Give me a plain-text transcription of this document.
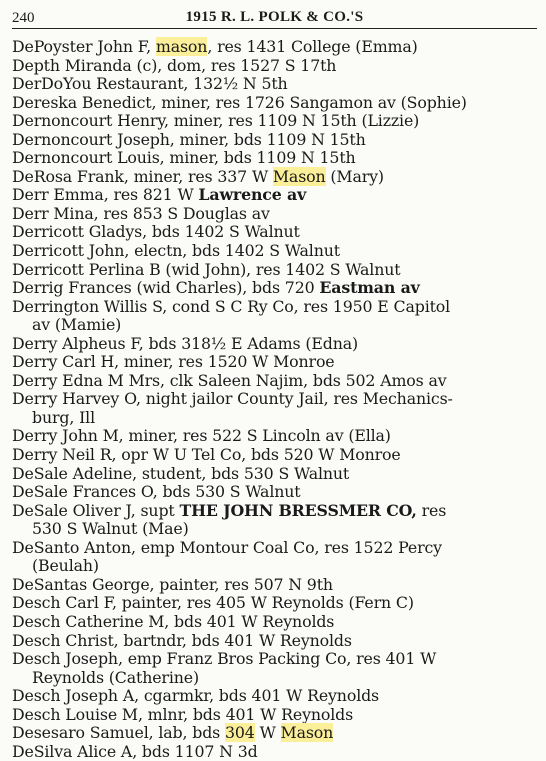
240	1915 R. L. POLK & CO.'S
DePoyster John F, mason, res 1431 College (Emma)
Depth Miranda (c), dom, res 1527 S 17th
DerDoYou Restaurant, 132½ N 5th
Dereska Benedict, miner, res 1726 Sangamon av (Sophie)
Dernoncourt Henry, miner, res 1109 N 15th (Lizzie)
Dernoncourt Joseph, miner, bds 1109 N 15th
Dernoncourt Louis, miner, bds 1109 N 15th
DeRosa Frank, miner, res 337 W Mason (Mary)
Derr Emma, res 821 W Lawrence av
Derr Mina, res 853 S Douglas av
Derricott Gladys, bds 1402 S Walnut
Derricott John, electn, bds 1402 S Walnut
Derricott Perlina B (wid John), res 1402 S Walnut
Derrig Frances (wid Charles), bds 720 Eastman av
Derrington Willis S, cond S C Ry Co, res 1950 E Capitol
av (Mamie)
Derry Alpheus F, bds 318½ E Adams (Edna)
Derry Carl H, miner, res 1520 W Monroe
Derry Edna M Mrs, clk Saleen Najim, bds 502 Amos av
Derry Harvey O, night jailor County Jail, res Mechanics-
burg, Ill
Derry John M, miner, res 522 S Lincoln av (Ella)
Derry Neil R, opr W U Tel Co, bds 520 W Monroe
DeSale Adeline, student, bds 530 S Walnut
DeSale Frances O, bds 530 S Walnut
DeSale Oliver J, supt THE JOHN BRESSMER CO, res
530 S Walnut (Mae)
DeSanto Anton, emp Montour Coal Co, res 1522 Percy
(Beulah)
DeSantas George, painter, res 507 N 9th
Desch Carl F, painter, res 405 W Reynolds (Fern C)
Desch Catherine M, bds 401 W Reynolds
Desch Christ, bartndr, bds 401 W Reynolds
Desch Joseph, emp Franz Bros Packing Co, res 401 W
Reynolds (Catherine)
Desch Joseph A, cgarmkr, bds 401 W Reynolds
Desch Louise M, mlnr, bds 401 W Reynolds
Desesaro Samuel, lab, bds 304 W Mason
DeSilva Alice A, bds 1107 N 3d
